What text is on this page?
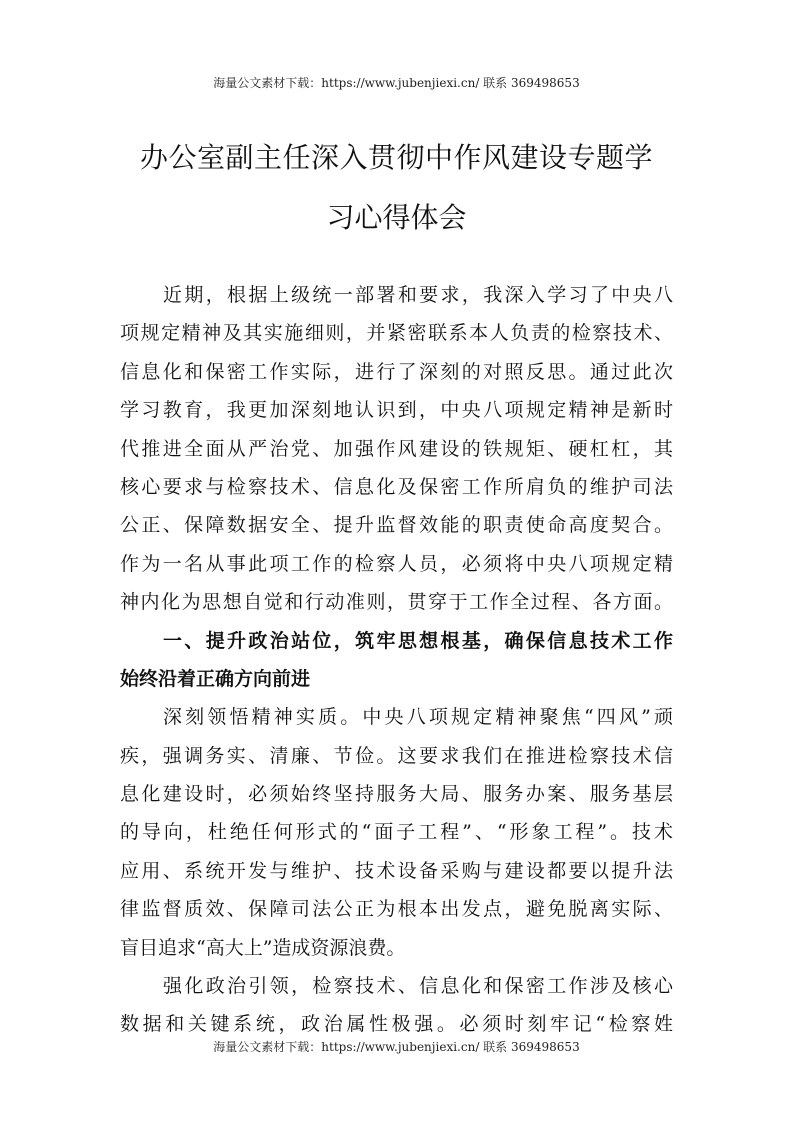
海量公文素材下载：https://www.jubenjiexi.cn/ 联系 369498653
办公室副主任深入贯彻中作风建设专题学
习心得体会
近期，根据上级统一部署和要求，我深入学习了中央八
项规定精神及其实施细则，并紧密联系本人负责的检察技术、
信息化和保密工作实际，进行了深刻的对照反思。通过此次
学习教育，我更加深刻地认识到，中央八项规定精神是新时
代推进全面从严治党、加强作风建设的铁规矩、硬杠杠，其
核心要求与检察技术、信息化及保密工作所肩负的维护司法
公正、保障数据安全、提升监督效能的职责使命高度契合。
作为一名从事此项工作的检察人员，必须将中央八项规定精
神内化为思想自觉和行动准则，贯穿于工作全过程、各方面。
一、提升政治站位，筑牢思想根基，确保信息技术工作
始终沿着正确方向前进
深刻领悟精神实质。中央八项规定精神聚焦“四风”顽
疾，强调务实、清廉、节俭。这要求我们在推进检察技术信
息化建设时，必须始终坚持服务大局、服务办案、服务基层
的导向，杜绝任何形式的“面子工程”、“形象工程”。技术
应用、系统开发与维护、技术设备采购与建设都要以提升法
律监督质效、保障司法公正为根本出发点，避免脱离实际、
盲目追求“高大上”造成资源浪费。
强化政治引领，检察技术、信息化和保密工作涉及核心
数据和关键系统，政治属性极强。必须时刻牢记“检察姓
海量公文素材下载：https://www.jubenjiexi.cn/ 联系 369498653
